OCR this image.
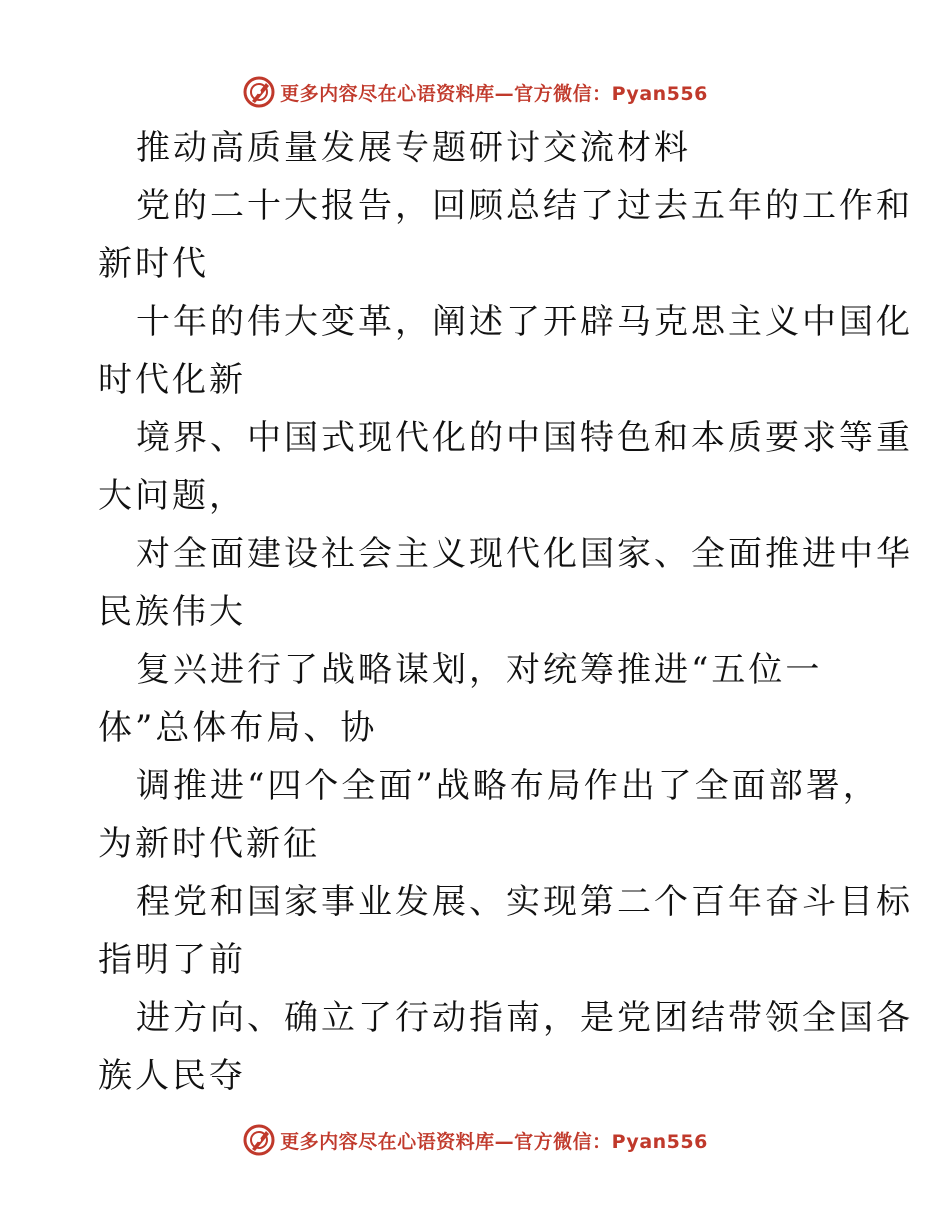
更多内容尽在心语资料库—官方微信：Pyan556
推动高质量发展专题研讨交流材料
党的二十大报告，回顾总结了过去五年的工作和
新时代
十年的伟大变革，阐述了开辟马克思主义中国化
时代化新
境界、中国式现代化的中国特色和本质要求等重
大问题，
对全面建设社会主义现代化国家、全面推进中华
民族伟大
复兴进行了战略谋划，对统筹推进“五位一
体”总体布局、协
调推进“四个全面”战略布局作出了全面部署，
为新时代新征
程党和国家事业发展、实现第二个百年奋斗目标
指明了前
进方向、确立了行动指南，是党团结带领全国各
族人民夺
更多内容尽在心语资料库—官方微信：Pyan556
